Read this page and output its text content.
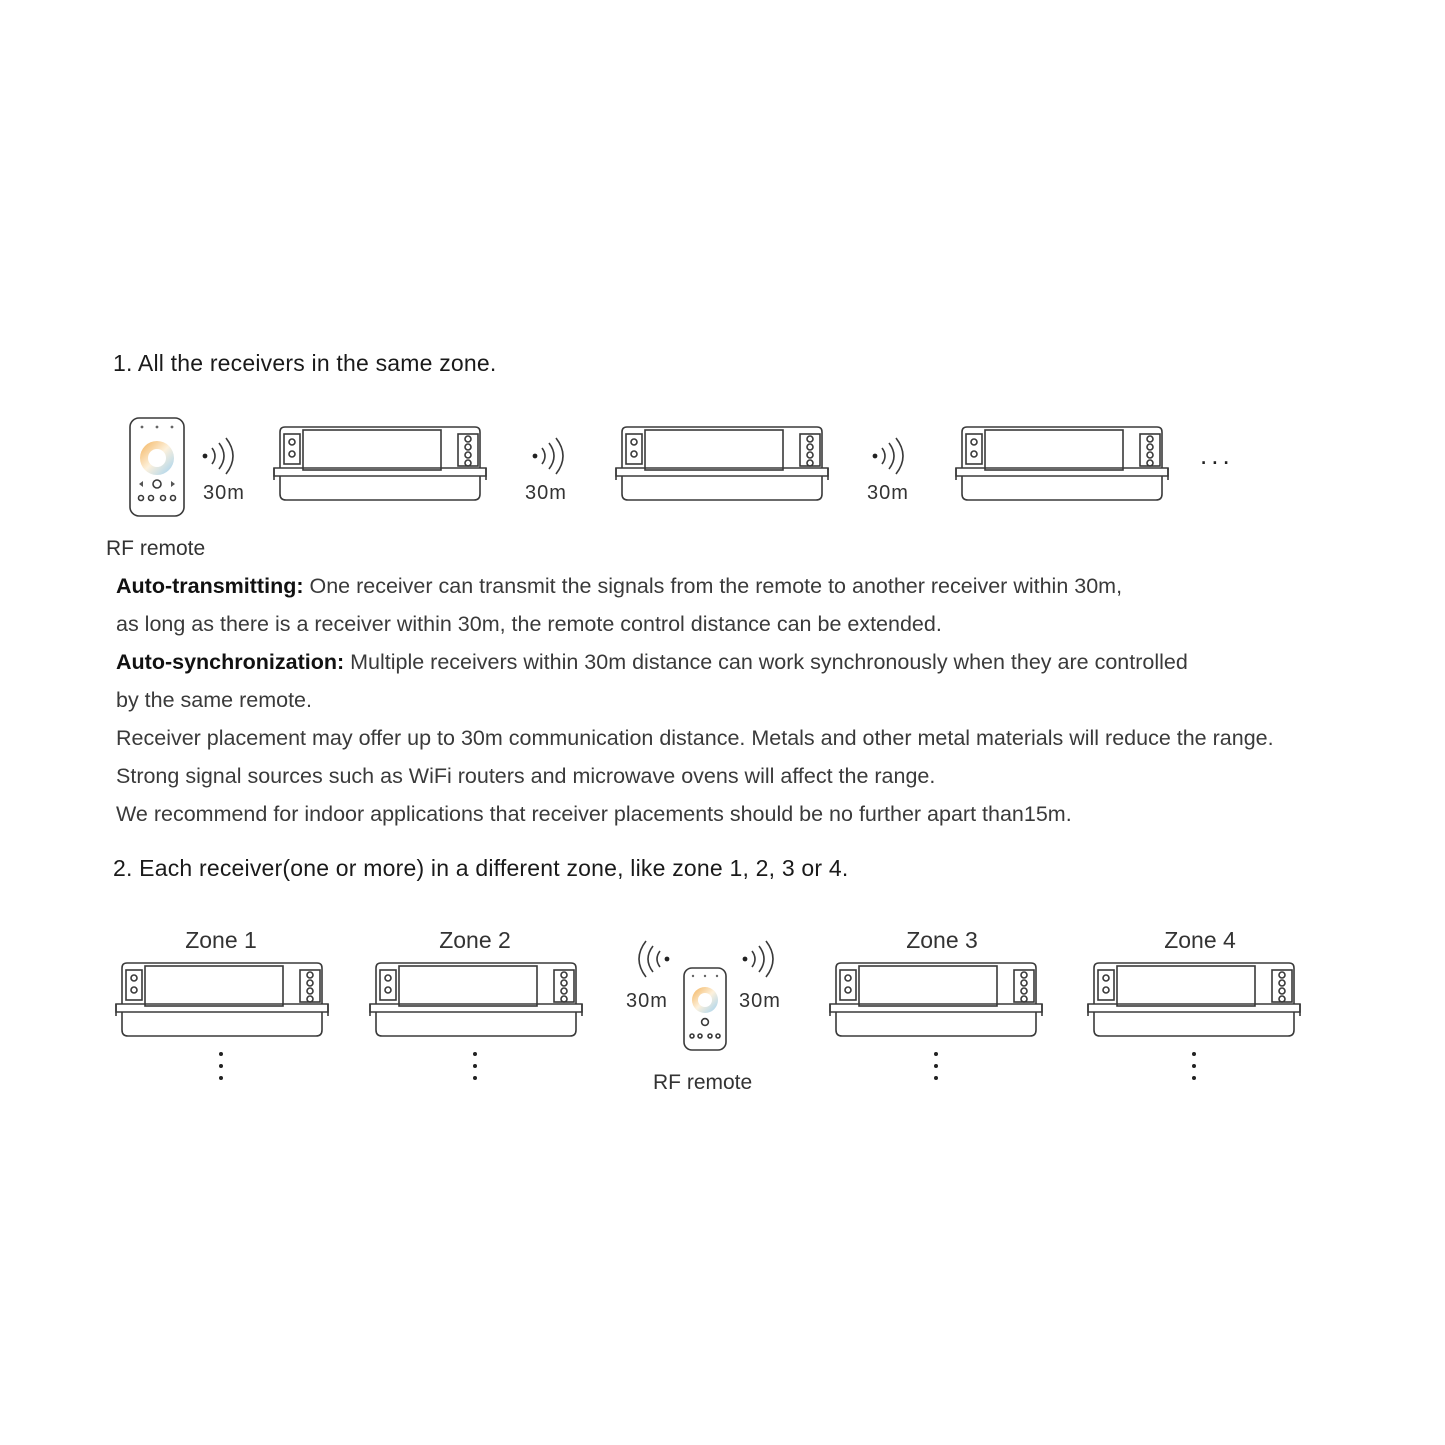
1. All the receivers in the same zone.
RF remote
30m	30m	30m
...
Auto-transmitting: One receiver can transmit the signals from the remote to another receiver within 30m,
as long as there is a receiver within 30m, the remote control distance can be extended.
Auto-synchronization: Multiple receivers within 30m distance can work synchronously when they are controlled
by the same remote.
Receiver placement may offer up to 30m communication distance. Metals and other metal materials will reduce the range.
Strong signal sources such as WiFi routers and microwave ovens will affect the range.
We recommend for indoor applications that receiver placements should be no further apart than15m.
2. Each receiver(one or more) in a different zone, like zone 1, 2, 3 or 4.
Zone 1	Zone 2	Zone 3	Zone 4
30m	30m
RF remote
